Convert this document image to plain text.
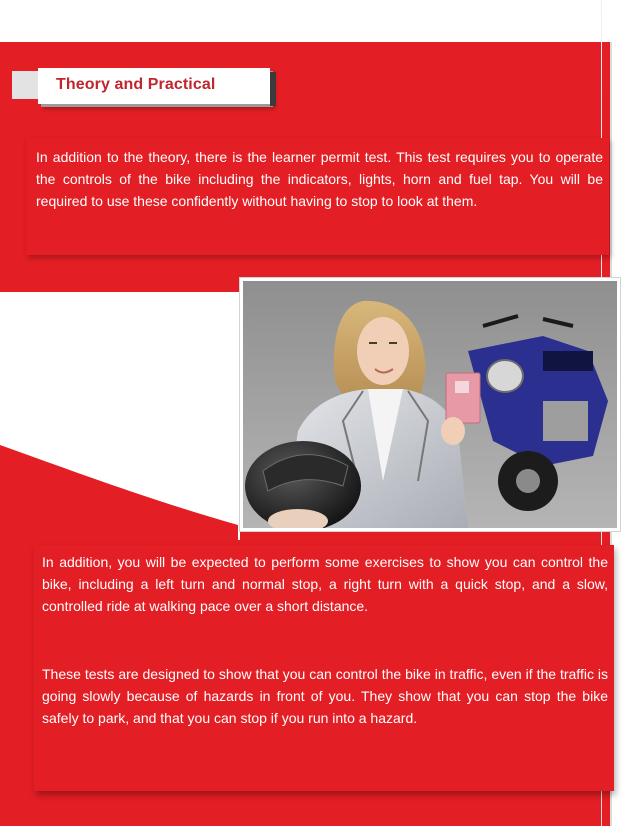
Theory and Practical

In addition to the theory, there is the learner permit test. This test requires you to operate the controls of the bike including the indicators, lights, horn and fuel tap. You will be required to use these confidently without having to stop to look at them.

In addition, you will be expected to perform some exercises to show you can control the bike, including a left turn and normal stop, a right turn with a quick stop, and a slow, controlled ride at walking pace over a short distance.

These tests are designed to show that you can control the bike in traffic, even if the traffic is going slowly because of hazards in front of you. They show that you can stop the bike safely to park, and that you can stop if you run into a hazard.
